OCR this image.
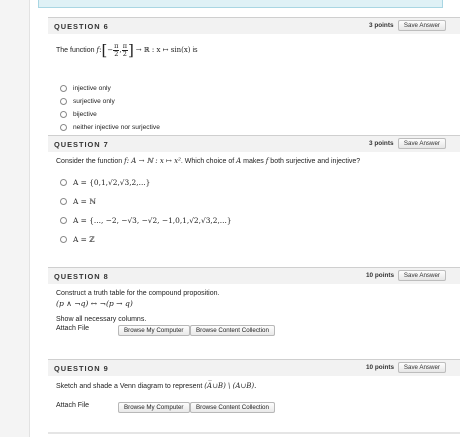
QUESTION 6	3 points	Save Answer
The function
f : [ − $\frac{\pi}{2}$ , $\frac{\pi}{2}$ ]
→ ℝ : x ↦ sin(x)
is
injective only
surjective only
bijective
neither injective nor surjective
QUESTION 7	3 points	Save Answer
Consider the function f: A → ℕ : x ↦ x². Which choice of A makes f both surjective and injective?
A = {0,1,√2,√3,2,...}
A = ℕ
A = {..., −2, −√3, −√2, −1,0,1,√2,√3,2,...}
A = ℤ
QUESTION 8	10 points	Save Answer
Construct a truth table for the compound proposition.
(p ∧ ¬q) ↔ ¬(p → q)
Show all necessary columns.
Attach File	Browse My Computer	Browse Content Collection
QUESTION 9	10 points	Save Answer
Sketch and shade a Venn diagram to represent (A̅∪B) \ (A∪B).
Attach File	Browse My Computer	Browse Content Collection
